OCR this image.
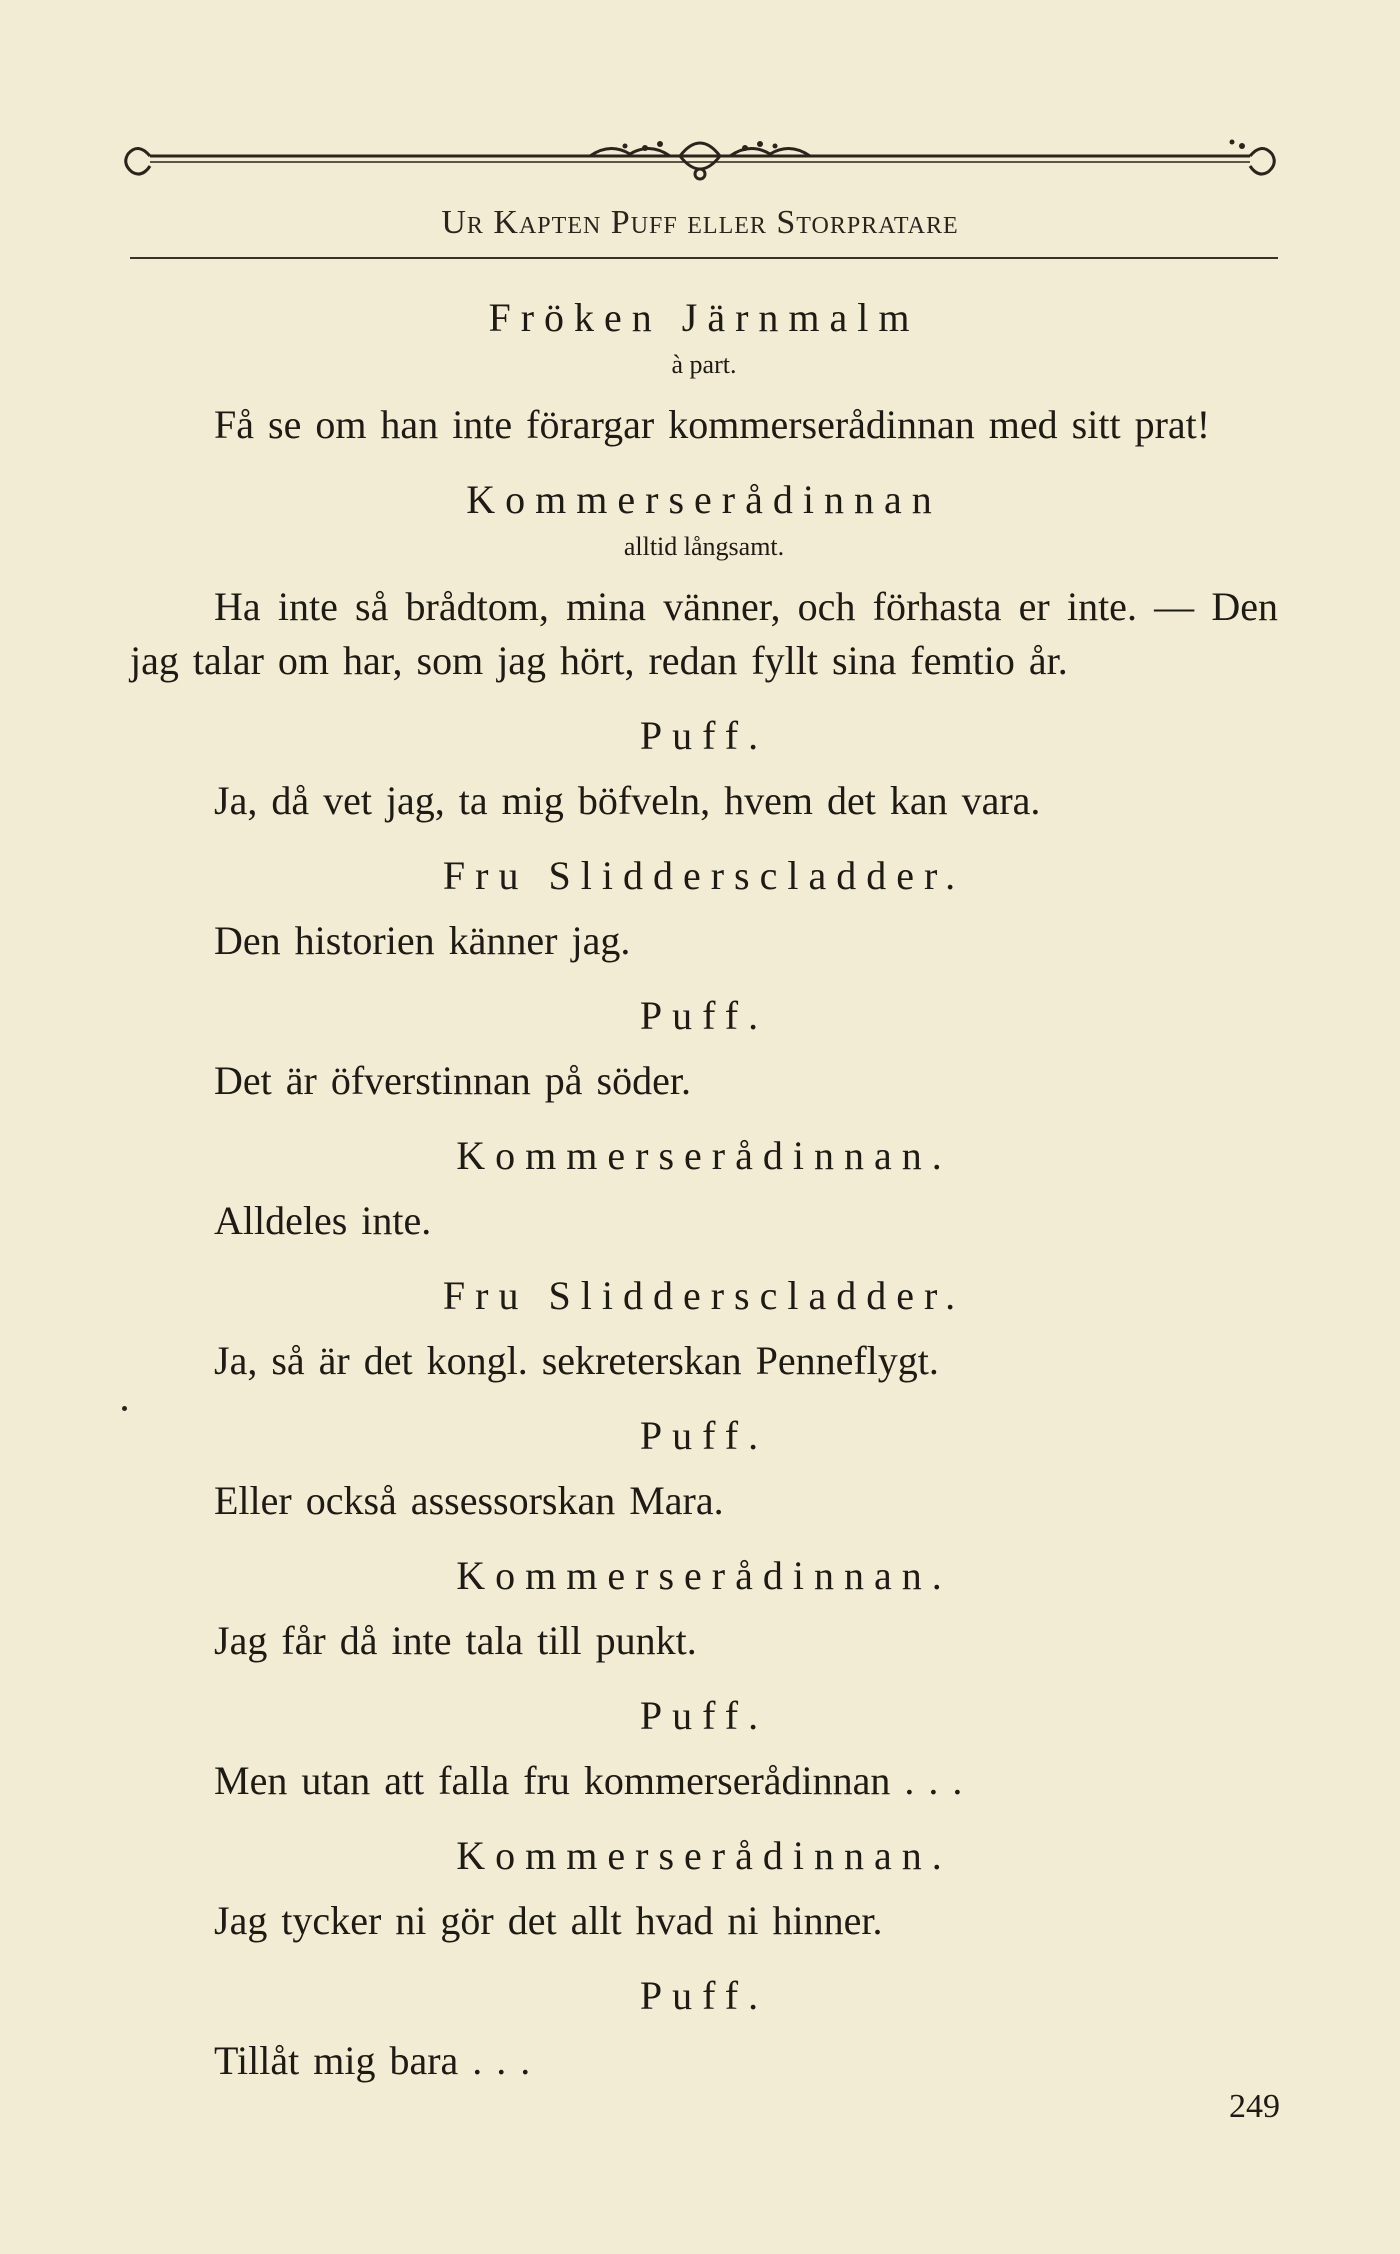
Ur Kapten Puff eller Storpratare
Fröken Järnmalm
à part.

Få se om han inte förargar kommerserådinnan med sitt prat!

Kommerserådinnan
alltid långsamt.

Ha inte så brådtom, mina vänner, och förhasta er inte. — Den jag talar om har, som jag hört, redan fyllt sina femtio år.

Puff.

Ja, då vet jag, ta mig böfveln, hvem det kan vara.

Fru Slidderscladder.

Den historien känner jag.

Puff.

Det är öfverstinnan på söder.

Kommerserådinnan.

Alldeles inte.

Fru Slidderscladder.

Ja, så är det kongl. sekreterskan Penneflygt.

Puff.

Eller också assessorskan Mara.

Kommerserådinnan.

Jag får då inte tala till punkt.

Puff.

Men utan att falla fru kommerserådinnan . . .

Kommerserådinnan.

Jag tycker ni gör det allt hvad ni hinner.

Puff.

Tillåt mig bara . . .

249
